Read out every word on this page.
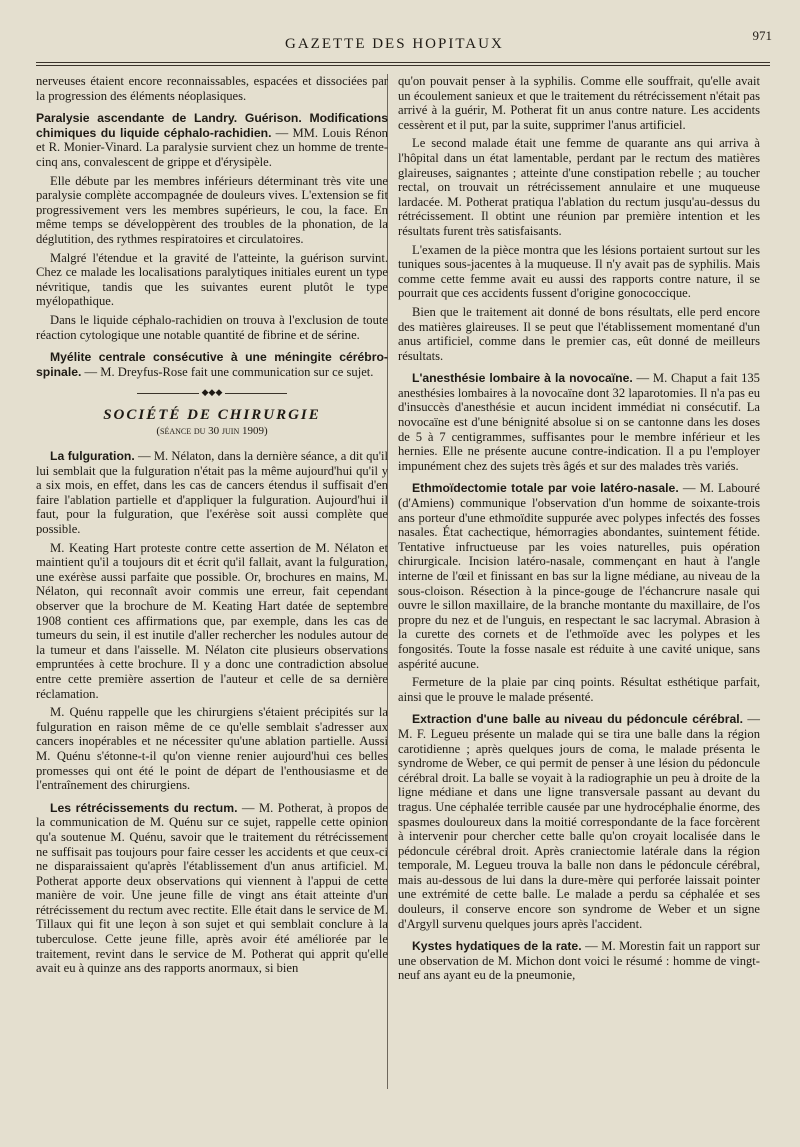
GAZETTE DES HOPITAUX
971

nerveuses étaient encore reconnaissables, espacées et dissociées par la progression des éléments néoplasiques.

Paralysie ascendante de Landry. Guérison. Modifications chimiques du liquide céphalo-rachidien. — MM. Louis Rénon et R. Monier-Vinard. La paralysie survient chez un homme de trente-cinq ans, convalescent de grippe et d'érysipèle.

Elle débute par les membres inférieurs déterminant très vite une paralysie complète accompagnée de douleurs vives. L'extension se fit progressivement vers les membres supérieurs, le cou, la face. En même temps se développèrent des troubles de la phonation, de la déglutition, des rythmes respiratoires et circulatoires.

Malgré l'étendue et la gravité de l'atteinte, la guérison survint. Chez ce malade les localisations paralytiques initiales eurent un type névritique, tandis que les suivantes eurent plutôt le type myélopathique.

Dans le liquide céphalo-rachidien on trouva à l'exclusion de toute réaction cytologique une notable quantité de fibrine et de sérine.

Myélite centrale consécutive à une méningite cérébro-spinale. — M. Dreyfus-Rose fait une communication sur ce sujet.

◆◆◆
SOCIÉTÉ DE CHIRURGIE
(séance du 30 juin 1909)

La fulguration. — M. Nélaton, dans la dernière séance, a dit qu'il lui semblait que la fulguration n'était pas la même aujourd'hui qu'il y a six mois, en effet, dans les cas de cancers étendus il suffisait d'en faire l'ablation partielle et d'appliquer la fulguration. Aujourd'hui il faut, pour la fulguration, que l'exérèse soit aussi complète que possible.

M. Keating Hart proteste contre cette assertion de M. Nélaton et maintient qu'il a toujours dit et écrit qu'il fallait, avant la fulguration, une exérèse aussi parfaite que possible. Or, brochures en mains, M. Nélaton, qui reconnaît avoir commis une erreur, fait cependant observer que la brochure de M. Keating Hart datée de septembre 1908 contient ces affirmations que, par exemple, dans les cas de tumeurs du sein, il est inutile d'aller rechercher les nodules autour de la tumeur et dans l'aisselle. M. Nélaton cite plusieurs observations empruntées à cette brochure. Il y a donc une contradiction absolue entre cette première assertion de l'auteur et celle de sa dernière réclamation.

M. Quénu rappelle que les chirurgiens s'étaient précipités sur la fulguration en raison même de ce qu'elle semblait s'adresser aux cancers inopérables et ne nécessiter qu'une ablation partielle. Aussi M. Quénu s'étonne-t-il qu'on vienne renier aujourd'hui ces belles promesses qui ont été le point de départ de l'enthousiasme et de l'entraînement des chirurgiens.

Les rétrécissements du rectum. — M. Potherat, à propos de la communication de M. Quénu sur ce sujet, rappelle cette opinion qu'a soutenue M. Quénu, savoir que le traitement du rétrécissement ne suffisait pas toujours pour faire cesser les accidents et que ceux-ci ne disparaissaient qu'après l'établissement d'un anus artificiel. M. Potherat apporte deux observations qui viennent à l'appui de cette manière de voir. Une jeune fille de vingt ans était atteinte d'un rétrécissement du rectum avec rectite. Elle était dans le service de M. Tillaux qui fit une leçon à son sujet et qui semblait conclure à la tuberculose. Cette jeune fille, après avoir été améliorée par le traitement, revint dans le service de M. Potherat qui apprit qu'elle avait eu à quinze ans des rapports anormaux, si bien

qu'on pouvait penser à la syphilis. Comme elle souffrait, qu'elle avait un écoulement sanieux et que le traitement du rétrécissement n'était pas arrivé à la guérir, M. Potherat fit un anus contre nature. Les accidents cessèrent et il put, par la suite, supprimer l'anus artificiel.

Le second malade était une femme de quarante ans qui arriva à l'hôpital dans un état lamentable, perdant par le rectum des matières glaireuses, saignantes ; atteinte d'une constipation rebelle ; au toucher rectal, on trouvait un rétrécissement annulaire et une muqueuse lardacée. M. Potherat pratiqua l'ablation du rectum jusqu'au-dessus du rétrécissement. Il obtint une réunion par première intention et les résultats furent très satisfaisants.

L'examen de la pièce montra que les lésions portaient surtout sur les tuniques sous-jacentes à la muqueuse. Il n'y avait pas de syphilis. Mais comme cette femme avait eu aussi des rapports contre nature, il se pourrait que ces accidents fussent d'origine gonococcique.

Bien que le traitement ait donné de bons résultats, elle perd encore des matières glaireuses. Il se peut que l'établissement momentané d'un anus artificiel, comme dans le premier cas, eût donné de meilleurs résultats.

L'anesthésie lombaire à la novocaïne. — M. Chaput a fait 135 anesthésies lombaires à la novocaïne dont 32 laparotomies. Il n'a pas eu d'insuccès d'anesthésie et aucun incident immédiat ni consécutif. La novocaïne est d'une bénignité absolue si on se cantonne dans les doses de 5 à 7 centigrammes, suffisantes pour le membre inférieur et les hernies. Elle ne présente aucune contre-indication. Il a pu l'employer impunément chez des sujets très âgés et sur des malades très variés.

Ethmoïdectomie totale par voie latéro-nasale. — M. Labouré (d'Amiens) communique l'observation d'un homme de soixante-trois ans porteur d'une ethmoïdite suppurée avec polypes infectés des fosses nasales. État cachectique, hémorragies abondantes, suintement fétide. Tentative infructueuse par les voies naturelles, puis opération chirurgicale. Incision latéro-nasale, commençant en haut à l'angle interne de l'œil et finissant en bas sur la ligne médiane, au niveau de la sous-cloison. Résection à la pince-gouge de l'échancrure nasale qui ouvre le sillon maxillaire, de la branche montante du maxillaire, de l'os propre du nez et de l'unguis, en respectant le sac lacrymal. Abrasion à la curette des cornets et de l'ethmoïde avec les polypes et les fongosités. Toute la fosse nasale est réduite à une cavité unique, sans aspérité aucune.

Fermeture de la plaie par cinq points. Résultat esthétique parfait, ainsi que le prouve le malade présenté.

Extraction d'une balle au niveau du pédoncule cérébral. — M. F. Legueu présente un malade qui se tira une balle dans la région carotidienne ; après quelques jours de coma, le malade présenta le syndrome de Weber, ce qui permit de penser à une lésion du pédoncule cérébral droit. La balle se voyait à la radiographie un peu à droite de la ligne médiane et dans une ligne transversale passant au devant du tragus. Une céphalée terrible causée par une hydrocéphalie énorme, des spasmes douloureux dans la moitié correspondante de la face forcèrent à intervenir pour chercher cette balle qu'on croyait localisée dans le pédoncule cérébral droit. Après craniectomie latérale dans la région temporale, M. Legueu trouva la balle non dans le pédoncule cérébral, mais au-dessous de lui dans la dure-mère qui perforée laissait pointer une extrémité de cette balle. Le malade a perdu sa céphalée et ses douleurs, il conserve encore son syndrome de Weber et un signe d'Argyll survenu quelques jours après l'accident.

Kystes hydatiques de la rate. — M. Morestin fait un rapport sur une observation de M. Michon dont voici le résumé : homme de vingt-neuf ans ayant eu de la pneumonie,
